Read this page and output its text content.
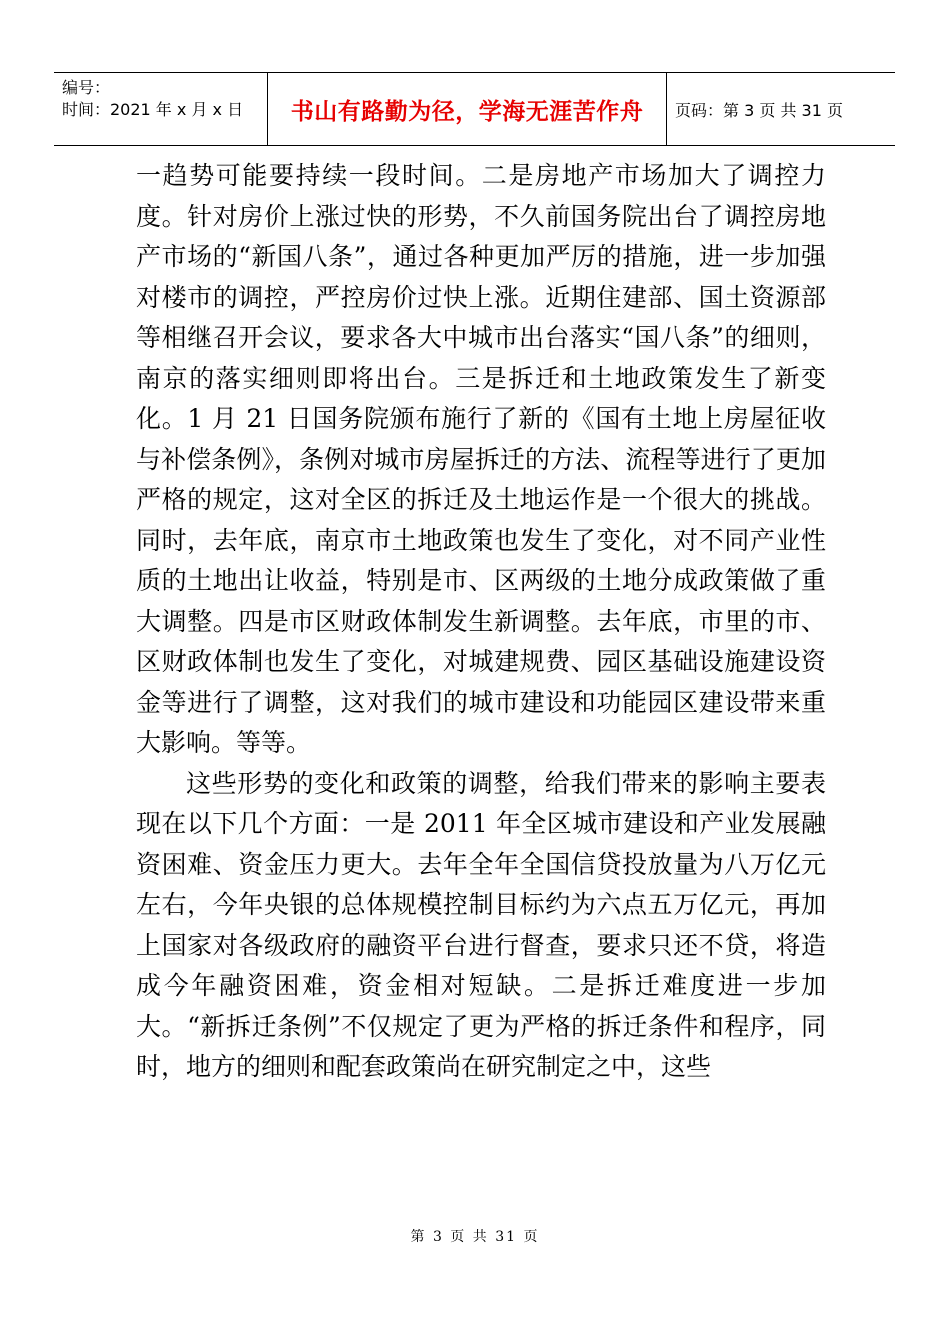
编号：
时间：2021 年 x 月 x 日	书山有路勤为径，学海无涯苦作舟	页码：第 3 页 共 31 页

一趋势可能要持续一段时间。二是房地产市场加大了调控力度。针对房价上涨过快的形势，不久前国务院出台了调控房地产市场的“新国八条”，通过各种更加严厉的措施，进一步加强对楼市的调控，严控房价过快上涨。近期住建部、国土资源部等相继召开会议，要求各大中城市出台落实“国八条”的细则，南京的落实细则即将出台。三是拆迁和土地政策发生了新变化。1 月 21 日国务院颁布施行了新的《国有土地上房屋征收与补偿条例》，条例对城市房屋拆迁的方法、流程等进行了更加严格的规定，这对全区的拆迁及土地运作是一个很大的挑战。同时，去年底，南京市土地政策也发生了变化，对不同产业性质的土地出让收益，特别是市、区两级的土地分成政策做了重大调整。四是市区财政体制发生新调整。去年底，市里的市、区财政体制也发生了变化，对城建规费、园区基础设施建设资金等进行了调整，这对我们的城市建设和功能园区建设带来重大影响。等等。

这些形势的变化和政策的调整，给我们带来的影响主要表现在以下几个方面：一是 2011 年全区城市建设和产业发展融资困难、资金压力更大。去年全年全国信贷投放量为八万亿元左右，今年央银的总体规模控制目标约为六点五万亿元，再加上国家对各级政府的融资平台进行督查，要求只还不贷，将造成今年融资困难，资金相对短缺。二是拆迁难度进一步加大。“新拆迁条例”不仅规定了更为严格的拆迁条件和程序，同时，地方的细则和配套政策尚在研究制定之中，这些

第 3 页 共 31 页
